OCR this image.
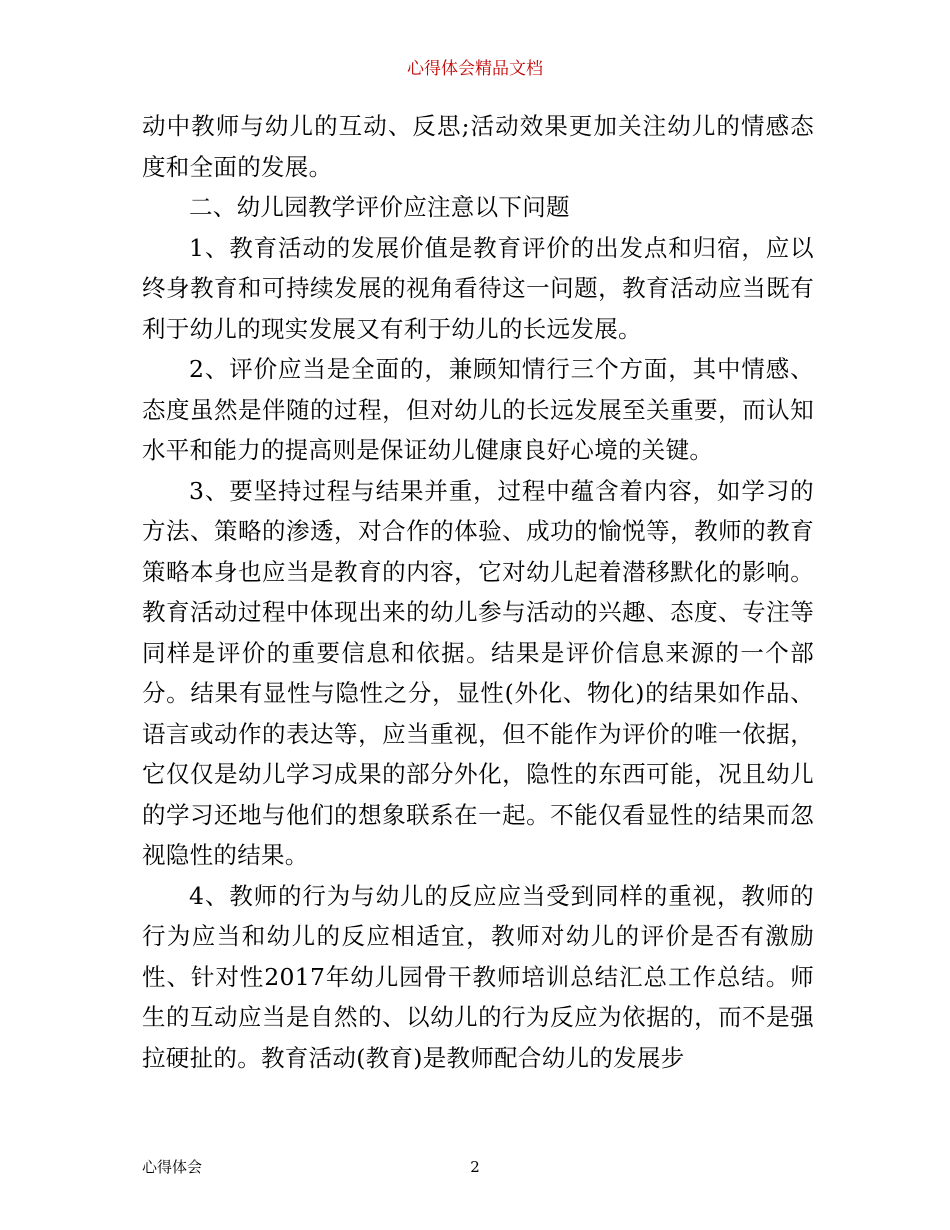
心得体会精品文档

动中教师与幼儿的互动、反思;活动效果更加关注幼儿的情感态度和全面的发展。

二、幼儿园教学评价应注意以下问题

1、教育活动的发展价值是教育评价的出发点和归宿，应以终身教育和可持续发展的视角看待这一问题，教育活动应当既有利于幼儿的现实发展又有利于幼儿的长远发展。

2、评价应当是全面的，兼顾知情行三个方面，其中情感、态度虽然是伴随的过程，但对幼儿的长远发展至关重要，而认知水平和能力的提高则是保证幼儿健康良好心境的关键。

3、要坚持过程与结果并重，过程中蕴含着内容，如学习的方法、策略的渗透，对合作的体验、成功的愉悦等，教师的教育策略本身也应当是教育的内容，它对幼儿起着潜移默化的影响。教育活动过程中体现出来的幼儿参与活动的兴趣、态度、专注等同样是评价的重要信息和依据。结果是评价信息来源的一个部分。结果有显性与隐性之分，显性(外化、物化)的结果如作品、语言或动作的表达等，应当重视，但不能作为评价的唯一依据，它仅仅是幼儿学习成果的部分外化，隐性的东西可能，况且幼儿的学习还地与他们的想象联系在一起。不能仅看显性的结果而忽视隐性的结果。

4、教师的行为与幼儿的反应应当受到同样的重视，教师的行为应当和幼儿的反应相适宜，教师对幼儿的评价是否有激励性、针对性2017年幼儿园骨干教师培训总结汇总工作总结。师生的互动应当是自然的、以幼儿的行为反应为依据的，而不是强拉硬扯的。教育活动(教育)是教师配合幼儿的发展步

心得体会	2
